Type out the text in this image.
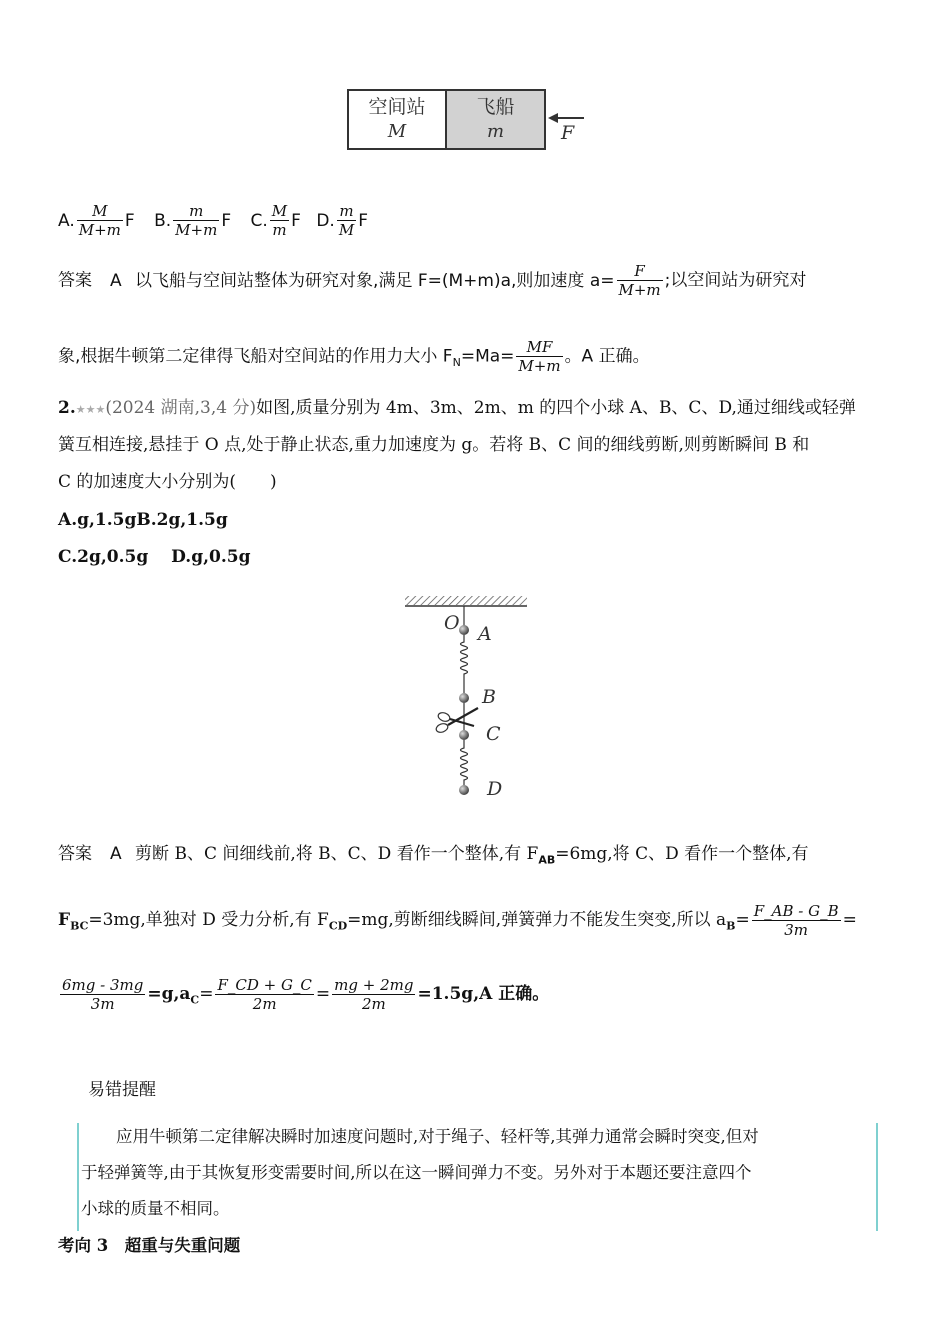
空间站
M
飞船
m	F
A. $\frac{M}{M+m}$ F B. $\frac{m}{M+m}$ F C. $\frac{M}{m}$ F D. $\frac{m}{M}$ F
答案 A 以飞船与空间站整体为研究对象,满足 F=(M+m)a,则加速度 $a= \frac{F}{M+m}$ ;以空间站为研究对
象,根据牛顿第二定律得飞船对空间站的作用力大小 $F_N=Ma= \frac{MF}{M+m}$ 。A 正确。
2.★★★(2024 湖南,3,4 分)如图,质量分别为 4m、3m、2m、m 的四个小球 A、B、C、D,通过细线或轻弹
簧互相连接,悬挂于 O 点,处于静止状态,重力加速度为 g。若将 B、C 间的细线剪断,则剪断瞬间 B 和
C 的加速度大小分别为(　　)
A.g,1.5gB.2g,1.5g
C.2g,0.5g　 D.g,0.5g
O A
B
C
D
答案 A 剪断 B、C 间细线前,将 B、C、D 看作一个整体,有 $F_{AB}=6mg$,将 C、D 看作一个整体,有
$F_{BC}=3mg$,单独对 D 受力分析,有 $F_{CD}=mg$,剪断细线瞬间,弹簧弹力不能发生突变,所以 $a_B= \frac{F\_AB - G\_B}{3m}$ =
$\frac{6mg - 3mg}{3m} =g,a_C= \frac{F\_CD + G\_C}{2m} = \frac{mg + 2mg}{2m} =1.5g,A$ 正确。
易错提醒
应用牛顿第二定律解决瞬时加速度问题时,对于绳子、轻杆等,其弹力通常会瞬时突变,但对
于轻弹簧等,由于其恢复形变需要时间,所以在这一瞬间弹力不变。另外对于本题还要注意四个
小球的质量不相同。
考向 3　超重与失重问题
